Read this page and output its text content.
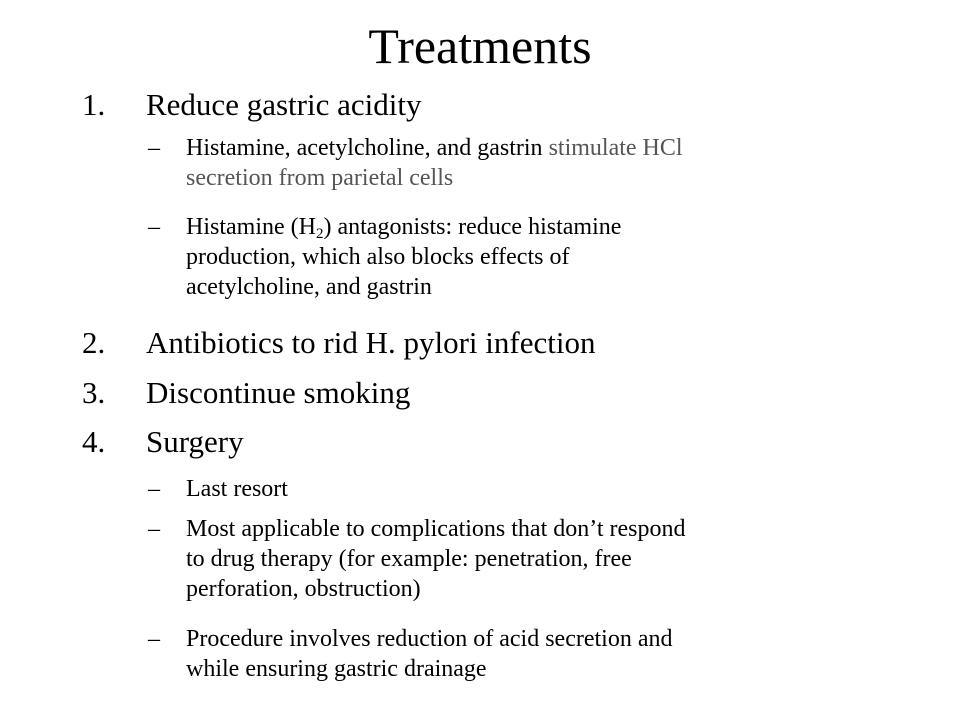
Treatments
1. Reduce gastric acidity
– Histamine, acetylcholine, and gastrin stimulate HCl
secretion from parietal cells
– Histamine $(H_2)$ antagonists: reduce histamine
production, which also blocks effects of
acetylcholine, and gastrin
2. Antibiotics to rid H. pylori infection
3. Discontinue smoking
4. Surgery
– Last resort
– Most applicable to complications that don’t respond
to drug therapy (for example: penetration, free
perforation, obstruction)
– Procedure involves reduction of acid secretion and
while ensuring gastric drainage
